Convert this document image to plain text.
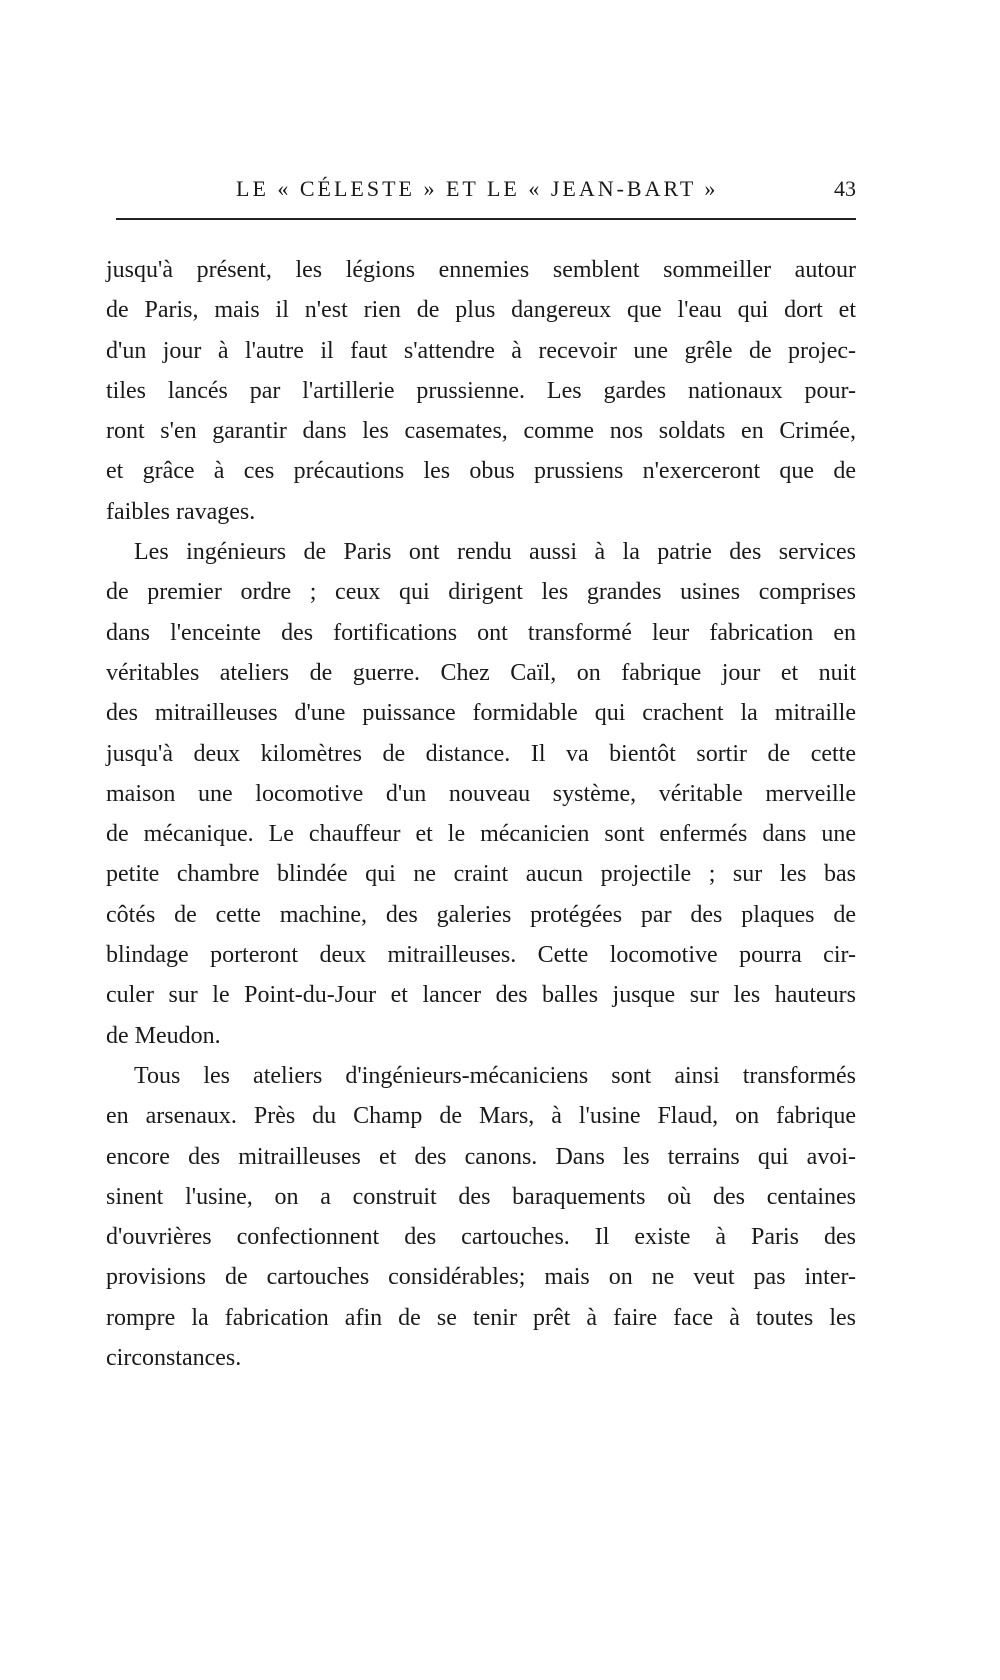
LE « CÉLESTE » ET LE « JEAN-BART »	43

jusqu'à présent, les légions ennemies semblent sommeiller autour
de Paris, mais il n'est rien de plus dangereux que l'eau qui dort et
d'un jour à l'autre il faut s'attendre à recevoir une grêle de projec-
tiles lancés par l'artillerie prussienne. Les gardes nationaux pour-
ront s'en garantir dans les casemates, comme nos soldats en Crimée,
et grâce à ces précautions les obus prussiens n'exerceront que de
faibles ravages.

Les ingénieurs de Paris ont rendu aussi à la patrie des services
de premier ordre ; ceux qui dirigent les grandes usines comprises
dans l'enceinte des fortifications ont transformé leur fabrication en
véritables ateliers de guerre. Chez Caïl, on fabrique jour et nuit
des mitrailleuses d'une puissance formidable qui crachent la mitraille
jusqu'à deux kilomètres de distance. Il va bientôt sortir de cette
maison une locomotive d'un nouveau système, véritable merveille
de mécanique. Le chauffeur et le mécanicien sont enfermés dans une
petite chambre blindée qui ne craint aucun projectile ; sur les bas
côtés de cette machine, des galeries protégées par des plaques de
blindage porteront deux mitrailleuses. Cette locomotive pourra cir-
culer sur le Point-du-Jour et lancer des balles jusque sur les hauteurs
de Meudon.

Tous les ateliers d'ingénieurs-mécaniciens sont ainsi transformés
en arsenaux. Près du Champ de Mars, à l'usine Flaud, on fabrique
encore des mitrailleuses et des canons. Dans les terrains qui avoi-
sinent l'usine, on a construit des baraquements où des centaines
d'ouvrières confectionnent des cartouches. Il existe à Paris des
provisions de cartouches considérables; mais on ne veut pas inter-
rompre la fabrication afin de se tenir prêt à faire face à toutes les
circonstances.
